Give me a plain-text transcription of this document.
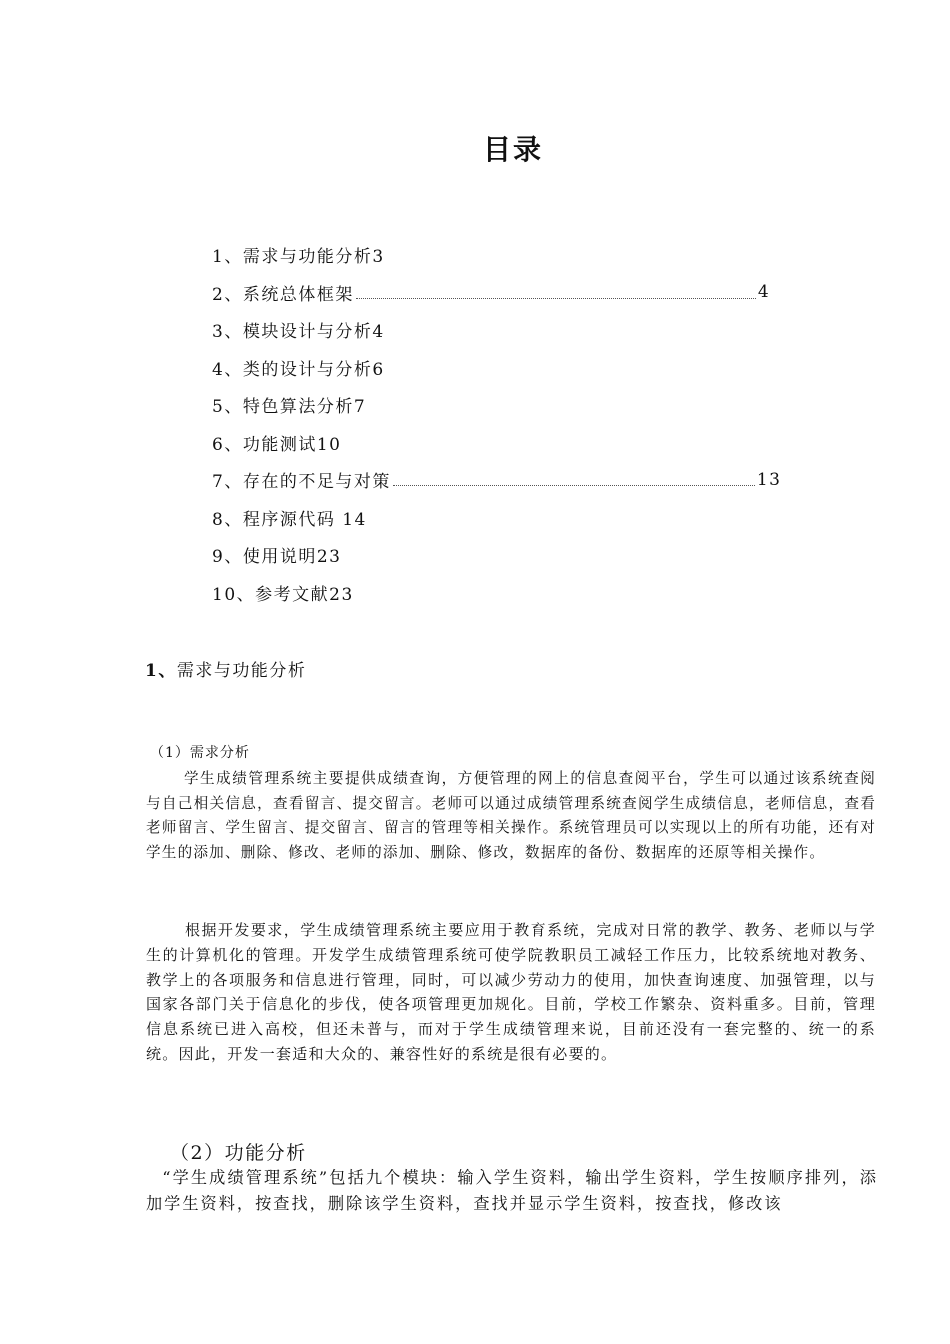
目录
1、需求与功能分析3
2、系统总体框架	4
3、模块设计与分析4
4、类的设计与分析6
5、特色算法分析7
6、功能测试10
7、存在的不足与对策	13
8、程序源代码 14
9、使用说明23
10、参考文献23
1、需求与功能分析
（1）需求分析

学生成绩管理系统主要提供成绩查询，方便管理的网上的信息查阅平台，学生可以通过该系统查阅与自己相关信息，查看留言、提交留言。老师可以通过成绩管理系统查阅学生成绩信息，老师信息，查看老师留言、学生留言、提交留言、留言的管理等相关操作。系统管理员可以实现以上的所有功能，还有对学生的添加、删除、修改、老师的添加、删除、修改，数据库的备份、数据库的还原等相关操作。

根据开发要求，学生成绩管理系统主要应用于教育系统，完成对日常的教学、教务、老师以与学生的计算机化的管理。开发学生成绩管理系统可使学院教职员工减轻工作压力，比较系统地对教务、教学上的各项服务和信息进行管理，同时，可以减少劳动力的使用，加快查询速度、加强管理，以与国家各部门关于信息化的步伐，使各项管理更加规化。目前，学校工作繁杂、资料重多。目前，管理信息系统已进入高校，但还未普与，而对于学生成绩管理来说，目前还没有一套完整的、统一的系统。因此，开发一套适和大众的、兼容性好的系统是很有必要的。

（2）功能分析

“学生成绩管理系统”包括九个模块：输入学生资料，输出学生资料，学生按顺序排列，添加学生资料，按查找，删除该学生资料，查找并显示学生资料，按查找，修改该
